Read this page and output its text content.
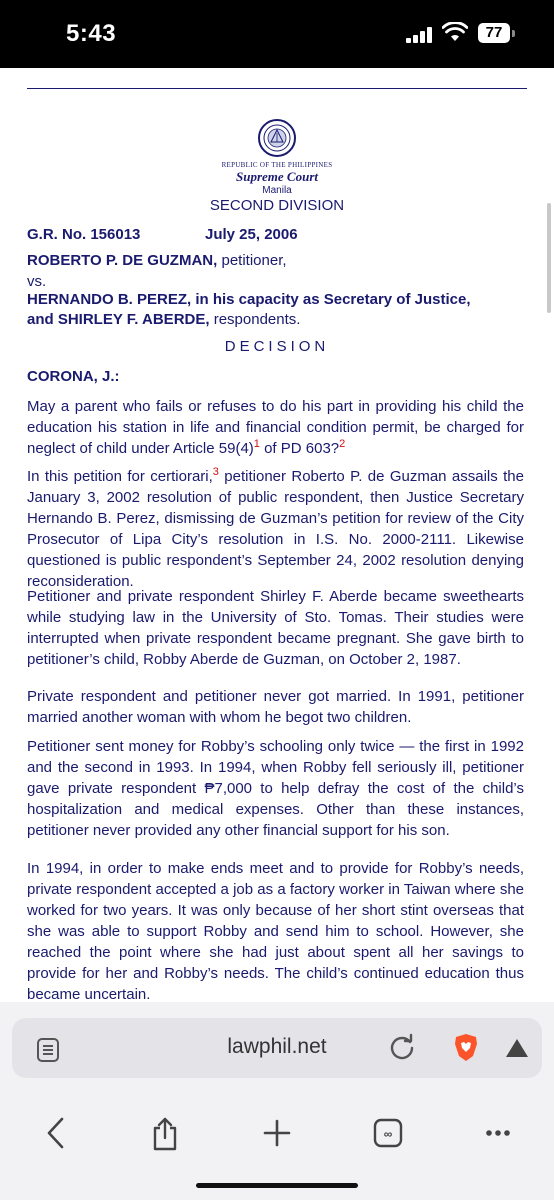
5:43	77
REPUBLIC OF THE PHILIPPINES
Supreme Court
Manila
SECOND DIVISION
G.R. No. 156013	July 25, 2006
ROBERTO P. DE GUZMAN, petitioner,
vs.
HERNANDO B. PEREZ, in his capacity as Secretary of Justice,
and SHIRLEY F. ABERDE, respondents.
DECISION
CORONA, J.:
May a parent who fails or refuses to do his part in providing his child the education his station in life and financial condition permit, be charged for neglect of child under Article 59(4)$^1$ of PD 603?$^2$
In this petition for certiorari,$^3$ petitioner Roberto P. de Guzman assails the January 3, 2002 resolution of public respondent, then Justice Secretary Hernando B. Perez, dismissing de Guzman’s petition for review of the City Prosecutor of Lipa City’s resolution in I.S. No. 2000-2111. Likewise questioned is public respondent’s September 24, 2002 resolution denying reconsideration.
Petitioner and private respondent Shirley F. Aberde became sweethearts while studying law in the University of Sto. Tomas. Their studies were interrupted when private respondent became pregnant. She gave birth to petitioner’s child, Robby Aberde de Guzman, on October 2, 1987.
Private respondent and petitioner never got married. In 1991, petitioner married another woman with whom he begot two children.
Petitioner sent money for Robby’s schooling only twice — the first in 1992 and the second in 1993. In 1994, when Robby fell seriously ill, petitioner gave private respondent ₱7,000 to help defray the cost of the child’s hospitalization and medical expenses. Other than these instances, petitioner never provided any other financial support for his son.
In 1994, in order to make ends meet and to provide for Robby’s needs, private respondent accepted a job as a factory worker in Taiwan where she worked for two years. It was only because of her short stint overseas that she was able to support Robby and send him to school. However, she reached the point where she had just about spent all her savings to provide for her and Robby’s needs. The child’s continued education thus became uncertain.
lawphil.net
∞
